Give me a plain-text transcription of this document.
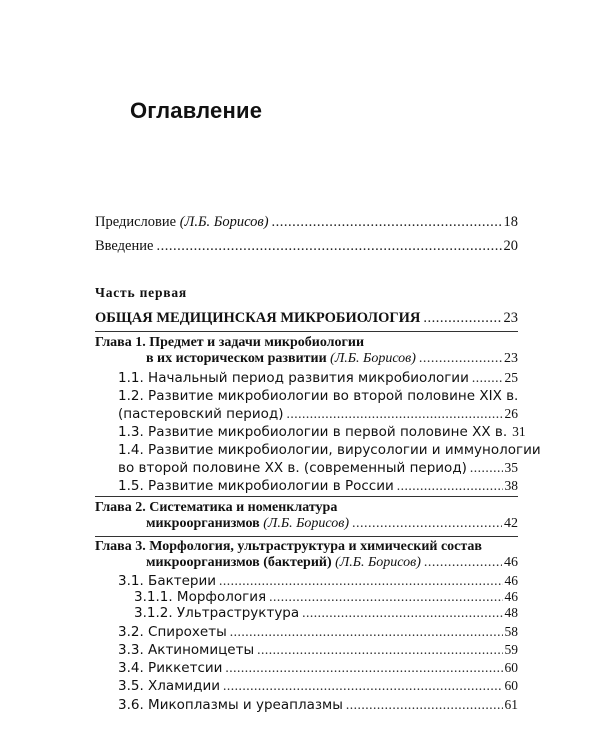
Оглавление
Предисловие
(Л.Б. Борисов) .....	18
Введение .....	20
Часть первая
ОБЩАЯ МЕДИЦИНСКАЯ МИКРОБИОЛОГИЯ .....	23
Глава 1. Предмет и задачи микробиологии
в их историческом развитии
(Л.Б. Борисов) .....	23
1.1. Начальный период развития микробиологии .....	25
1.2. Развитие микробиологии во второй половине XIX в.
(пастеровский период) .....	26
1.3. Развитие микробиологии в первой половине XX в. 31
1.4. Развитие микробиологии, вирусологии и иммунологии
во второй половине XX в. (современный период) .....	35
1.5. Развитие микробиологии в России .....	38
Глава 2. Систематика и номенклатура
микроорганизмов
(Л.Б. Борисов) .....	42
Глава 3. Морфология, ультраструктура и химический состав
микроорганизмов (бактерий)
(Л.Б. Борисов) .....	46
3.1. Бактерии .....	46
3.1.1. Морфология .....	46
3.1.2. Ультраструктура .....	48
3.2. Спирохеты .....	58
3.3. Актиномицеты .....	59
3.4. Риккетсии .....	60
3.5. Хламидии .....	60
3.6. Микоплазмы и уреаплазмы .....	61
